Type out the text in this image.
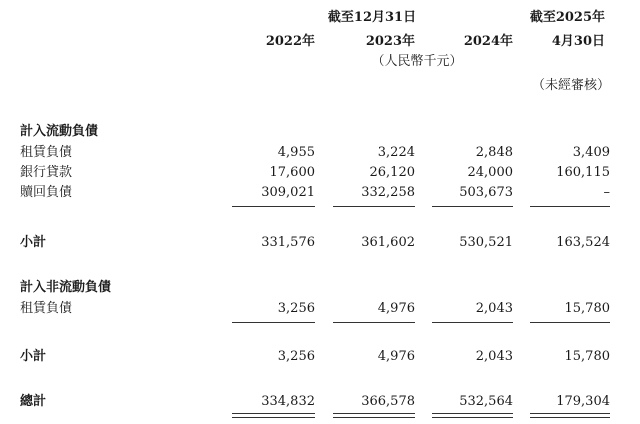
截至12月31日	截至2025年
2022年	2023年	2024年	4月30日
（人民幣千元）
（未經審核）
計入流動負債
租賃負債	4,955	3,224	2,848	3,409
銀行貸款	17,600	26,120	24,000	160,115
贖回負債	309,021	332,258	503,673	–
小計	331,576	361,602	530,521	163,524
計入非流動負債
租賃負債	3,256	4,976	2,043	15,780
小計	3,256	4,976	2,043	15,780
總計	334,832	366,578	532,564	179,304
